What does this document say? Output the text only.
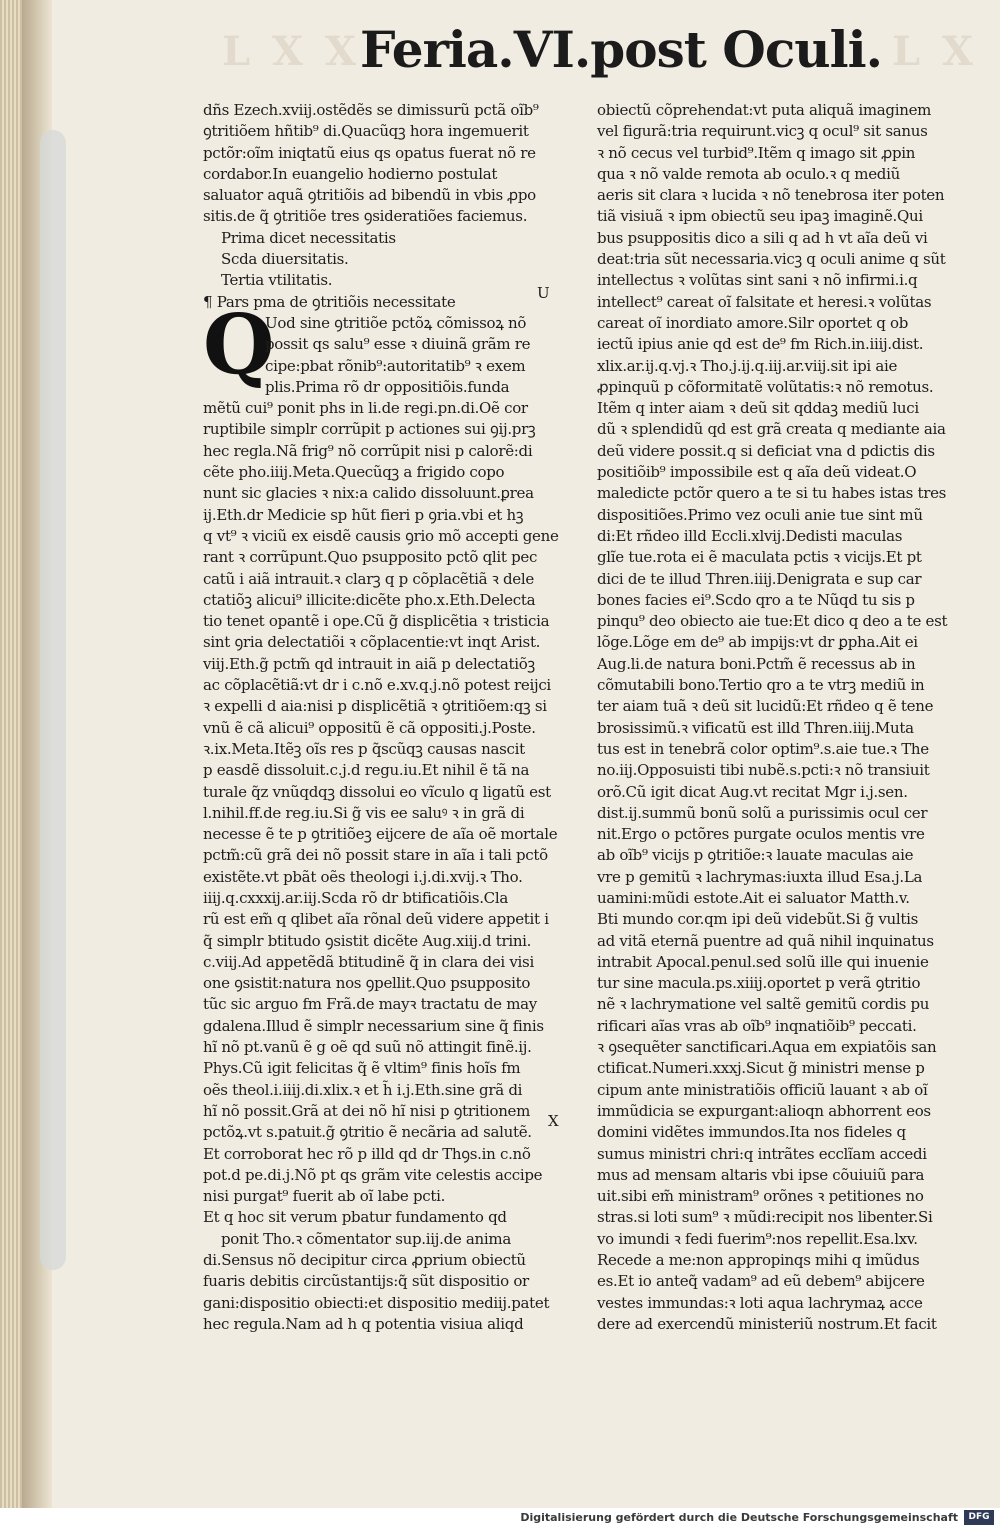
L X X	L X
Feria.VI.post Oculi.
Q
U
X
dñs Ezech.xviij.ostẽdẽs se dimissurũ pctã oĩb⁹
ꝯtritiõem hñtib⁹ di.Quacũqꝫ hora ingemuerit
pctõr:oĩm iniqtatũ eius qs opatus fuerat nõ re
cordabor.In euangelio hodierno postulat
saluator aquã ꝯtritiõis ad bibendũ in vbis ꝓpo
sitis.de q̃ ꝯtritiõe tres ꝯsideratiões faciemus.
Prima dicet necessitatis
Scda diuersitatis.
Tertia vtilitatis.
¶ Pars pma de ꝯtritiõis necessitate
Uod sine ꝯtritiõe pctõꝝ cõmissoꝝ nõ
possit qs salu⁹ esse ꝛ diuinã grãm re
cipe:pbat rõnib⁹:autoritatib⁹ ꝛ exem
plis.Prima rõ dr oppositiõis.funda
mẽtũ cui⁹ ponit phs in li.de regi.pn.di.Oẽ cor
ruptibile simplr corrũpit p actiones sui ꝯij.prꝫ
hec regla.Nã frig⁹ nõ corrũpit nisi p calorẽ:di
cẽte pho.iiij.Meta.Quecũqꝫ a frigido copo
nunt sic glacies ꝛ nix:a calido dissoluunt.ꝑrea
ij.Eth.dr Medicie sp hũt fieri p ꝯria.vbi et hꝫ
q vt⁹ ꝛ viciũ ex eisdẽ causis ꝯrio mõ accepti gene
rant ꝛ corrũpunt.Quo psupposito pctõ qlit pec
catũ i aiã intrauit.ꝛ clarꝫ q p cõplacẽtiã ꝛ dele
ctatiõꝫ alicui⁹ illicite:dicẽte pho.x.Eth.Delecta
tio tenet opantẽ i ope.Cũ g̃ displicẽtia ꝛ tristicia
sint ꝯria delectatiõi ꝛ cõplacentie:vt inqt Arist.
viij.Eth.g̃ pctm̃ qd intrauit in aiã p delectatiõꝫ
ac cõplacẽtiã:vt dr i c.nõ e.xv.q.j.nõ potest reijci
ꝛ expelli d aia:nisi p displicẽtiã ꝛ ꝯtritiõem:qꝫ si
vnũ ẽ cã alicui⁹ oppositũ ẽ cã oppositi.j.Poste.
ꝛ.ix.Meta.Itẽꝫ oĩs res p q̃scũqꝫ causas nascit
p easdẽ dissoluit.c.j.d regu.iu.Et nihil ẽ tã na
turale q̃z vnũqdqꝫ dissolui eo vĩculo q ligatũ est
l.nihil.ff.de reg.iu.Si g̃ vis ee saluꝰ ꝛ in grã di
necesse ẽ te p ꝯtritiõeꝫ eijcere de aĩa oẽ mortale
pctm̃:cũ grã dei nõ possit stare in aĩa i tali pctõ
existẽte.vt pbãt oẽs theologi i.j.di.xvij.ꝛ Tho.
iiij.q.cxxxij.ar.iij.Scda rõ dr btificatiõis.Cla
rũ est em̃ q qlibet aĩa rõnal deũ videre appetit i
q̃ simplr btitudo ꝯsistit dicẽte Aug.xiij.d trini.
c.viij.Ad appetẽdã btitudinẽ q̃ in clara dei visi
one ꝯsistit:natura nos ꝯpellit.Quo psupposito
tũc sic arguo fm Frã.de mayꝛ tractatu de may
gdalena.Illud ẽ simplr necessarium sine q̃ finis
hĩ nõ pt.vanũ ẽ g oẽ qd suũ nõ attingit finẽ.ij.
Phys.Cũ igit felicitas q̃ ẽ vltim⁹ finis hoĩs fm
oẽs theol.i.iiij.di.xlix.ꝛ et h̃ i.j.Eth.sine grã di
hĩ nõ possit.Grã at dei nõ hĩ nisi p ꝯtritionem
pctõꝝ.vt s.patuit.g̃ ꝯtritio ẽ necãria ad salutẽ.
Et corroborat hec rõ p illd qd dr Thꝯs.in c.nõ
pot.d pe.di.j.Nõ pt qs grãm vite celestis accipe
nisi purgat⁹ fuerit ab oĩ labe pcti.
Et q hoc sit verum pbatur fundamento qd
ponit Tho.ꝛ cõmentator sup.iij.de anima
di.Sensus nõ decipitur circa ꝓprium obiectũ
fuaris debitis circũstantijs:q̃ sũt dispositio or
gani:dispositio obiecti:et dispositio mediij.patet
hec regula.Nam ad h q potentia visiua aliqd
obiectũ cõprehendat:vt puta aliquã imaginem
vel figurã:tria requirunt.vicꝫ q ocul⁹ sit sanus
ꝛ nõ cecus vel turbid⁹.Itẽm q imago sit ꝓpin
qua ꝛ nõ valde remota ab oculo.ꝛ q mediũ
aeris sit clara ꝛ lucida ꝛ nõ tenebrosa iter poten
tiã visiuã ꝛ ipm obiectũ seu ipaꝫ imaginẽ.Qui
bus psuppositis dico a sili q ad h vt aĩa deũ vi
deat:tria sũt necessaria.vicꝫ q oculi anime q sũt
intellectus ꝛ volũtas sint sani ꝛ nõ infirmi.i.q
intellect⁹ careat oĩ falsitate et heresi.ꝛ volũtas
careat oĩ inordiato amore.Silr oportet q ob
iectũ ipius anie qd est de⁹ fm Rich.in.iiij.dist.
xlix.ar.ij.q.vj.ꝛ Tho.j.ij.q.iij.ar.viij.sit ipi aie
ꝓpinquũ p cõformitatẽ volũtatis:ꝛ nõ remotus.
Itẽm q inter aiam ꝛ deũ sit qddaꝫ mediũ luci
dũ ꝛ splendidũ qd est grã creata q mediante aia
deũ videre possit.q si deficiat vna d pdictis dis
positiõib⁹ impossibile est q aĩa deũ videat.O
maledicte pctõr quero a te si tu habes istas tres
dispositiões.Primo vez oculi anie tue sint mũ
di:Et rñdeo illd Eccli.xlvij.Dedisti maculas
glĩe tue.rota ei ẽ maculata pctis ꝛ vicijs.Et pt
dici de te illud Thren.iiij.Denigrata e sup car
bones facies ei⁹.Scdo qro a te Nũqd tu sis p
pinqu⁹ deo obiecto aie tue:Et dico q deo a te est
lõge.Lõge em de⁹ ab impijs:vt dr ꝑpha.Ait ei
Aug.li.de natura boni.Pctm̃ ẽ recessus ab in
cõmutabili bono.Tertio qro a te vtrꝫ mediũ in
ter aiam tuã ꝛ deũ sit lucidũ:Et rñdeo q ẽ tene
brosissimũ.ꝛ vificatũ est illd Thren.iiij.Muta
tus est in tenebrã color optim⁹.s.aie tue.ꝛ The
no.iij.Opposuisti tibi nubẽ.s.pcti:ꝛ nõ transiuit
orõ.Cũ igit dicat Aug.vt recitat Mgr i.j.sen.
dist.ij.summũ bonũ solũ a purissimis ocul cer
nit.Ergo o pctõres purgate oculos mentis vre
ab oĩb⁹ vicijs p ꝯtritiõe:ꝛ lauate maculas aie
vre p gemitũ ꝛ lachrymas:iuxta illud Esa.j.La
uamini:mũdi estote.Ait ei saluator Matth.v.
Bti mundo cor.qm ipi deũ videbũt.Si g̃ vultis
ad vitã eternã puentre ad quã nihil inquinatus
intrabit Apocal.penul.sed solũ ille qui inuenie
tur sine macula.ps.xiiij.oportet p verã ꝯtritio
nẽ ꝛ lachrymatione vel saltẽ gemitũ cordis pu
rificari aĩas vras ab oĩb⁹ inqnatiõib⁹ peccati.
ꝛ ꝯsequẽter sanctificari.Aqua em expiatõis san
ctificat.Numeri.xxxj.Sicut g̃ ministri mense p
cipum ante ministratiõis officiũ lauant ꝛ ab oĩ
immũdicia se expurgant:alioqn abhorrent eos
domini vidẽtes immundos.Ita nos fideles q
sumus ministri chri:q intrãtes ecclĩam accedi
mus ad mensam altaris vbi ipse cõuiuiũ para
uit.sibi em̃ ministram⁹ orõnes ꝛ petitiones no
stras.si loti sum⁹ ꝛ mũdi:recipit nos libenter.Si
vo imundi ꝛ fedi fuerim⁹:nos repellit.Esa.lxv.
Recede a me:non appropinqs mihi q imũdus
es.Et io anteq̃ vadam⁹ ad eũ debem⁹ abijcere
vestes immundas:ꝛ loti aqua lachrymaꝝ acce
dere ad exercendũ ministeriũ nostrum.Et facit
Digitalisierung gefördert durch die Deutsche Forschungsgemeinschaft	DFG
